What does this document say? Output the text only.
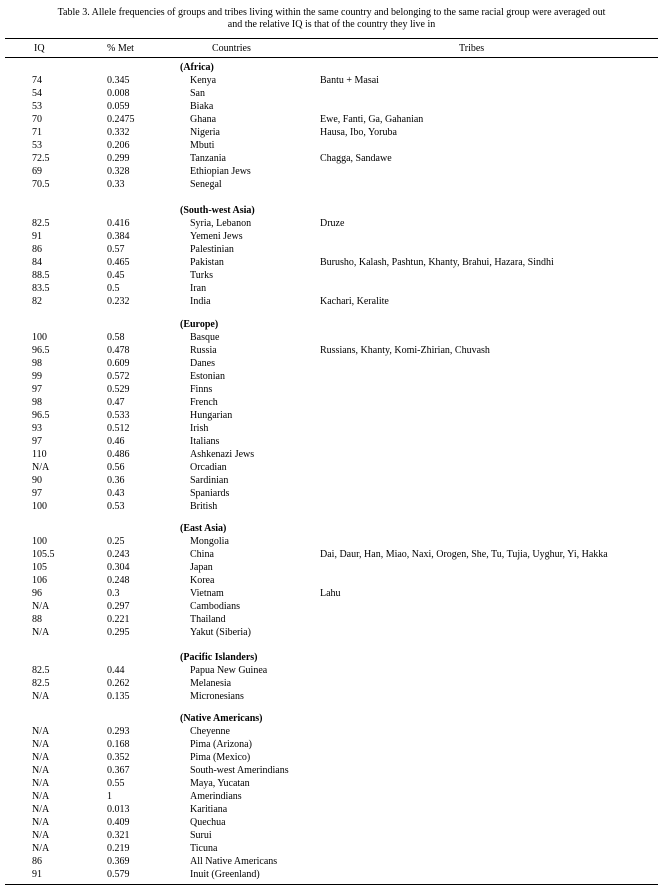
Table 3. Allele frequencies of groups and tribes living within the same country and belonging to the same racial group were averaged out
and the relative IQ is that of the country they live in
IQ	% Met	Countries	Tribes
(Africa)
74	0.345	Kenya	Bantu + Masai
54	0.008	San
53	0.059	Biaka
70	0.2475	Ghana	Ewe, Fanti, Ga, Gahanian
71	0.332	Nigeria	Hausa, Ibo, Yoruba
53	0.206	Mbuti
72.5	0.299	Tanzania	Chagga, Sandawe
69	0.328	Ethiopian Jews
70.5	0.33	Senegal
(South-west Asia)
82.5	0.416	Syria, Lebanon	Druze
91	0.384	Yemeni Jews
86	0.57	Palestinian
84	0.465	Pakistan	Burusho, Kalash, Pashtun, Khanty, Brahui, Hazara, Sindhi
88.5	0.45	Turks
83.5	0.5	Iran
82	0.232	India	Kachari, Keralite
(Europe)
100	0.58	Basque
96.5	0.478	Russia	Russians, Khanty, Komi-Zhirian, Chuvash
98	0.609	Danes
99	0.572	Estonian
97	0.529	Finns
98	0.47	French
96.5	0.533	Hungarian
93	0.512	Irish
97	0.46	Italians
110	0.486	Ashkenazi Jews
N/A	0.56	Orcadian
90	0.36	Sardinian
97	0.43	Spaniards
100	0.53	British
(East Asia)
100	0.25	Mongolia
105.5	0.243	China	Dai, Daur, Han, Miao, Naxi, Orogen, She, Tu, Tujia, Uyghur, Yi, Hakka
105	0.304	Japan
106	0.248	Korea
96	0.3	Vietnam	Lahu
N/A	0.297	Cambodians
88	0.221	Thailand
N/A	0.295	Yakut (Siberia)
(Pacific Islanders)
82.5	0.44	Papua New Guinea
82.5	0.262	Melanesia
N/A	0.135	Micronesians
(Native Americans)
N/A	0.293	Cheyenne
N/A	0.168	Pima (Arizona)
N/A	0.352	Pima (Mexico)
N/A	0.367	South-west Amerindians
N/A	0.55	Maya, Yucatan
N/A	1	Amerindians
N/A	0.013	Karitiana
N/A	0.409	Quechua
N/A	0.321	Surui
N/A	0.219	Ticuna
86	0.369	All Native Americans
91	0.579	Inuit (Greenland)
